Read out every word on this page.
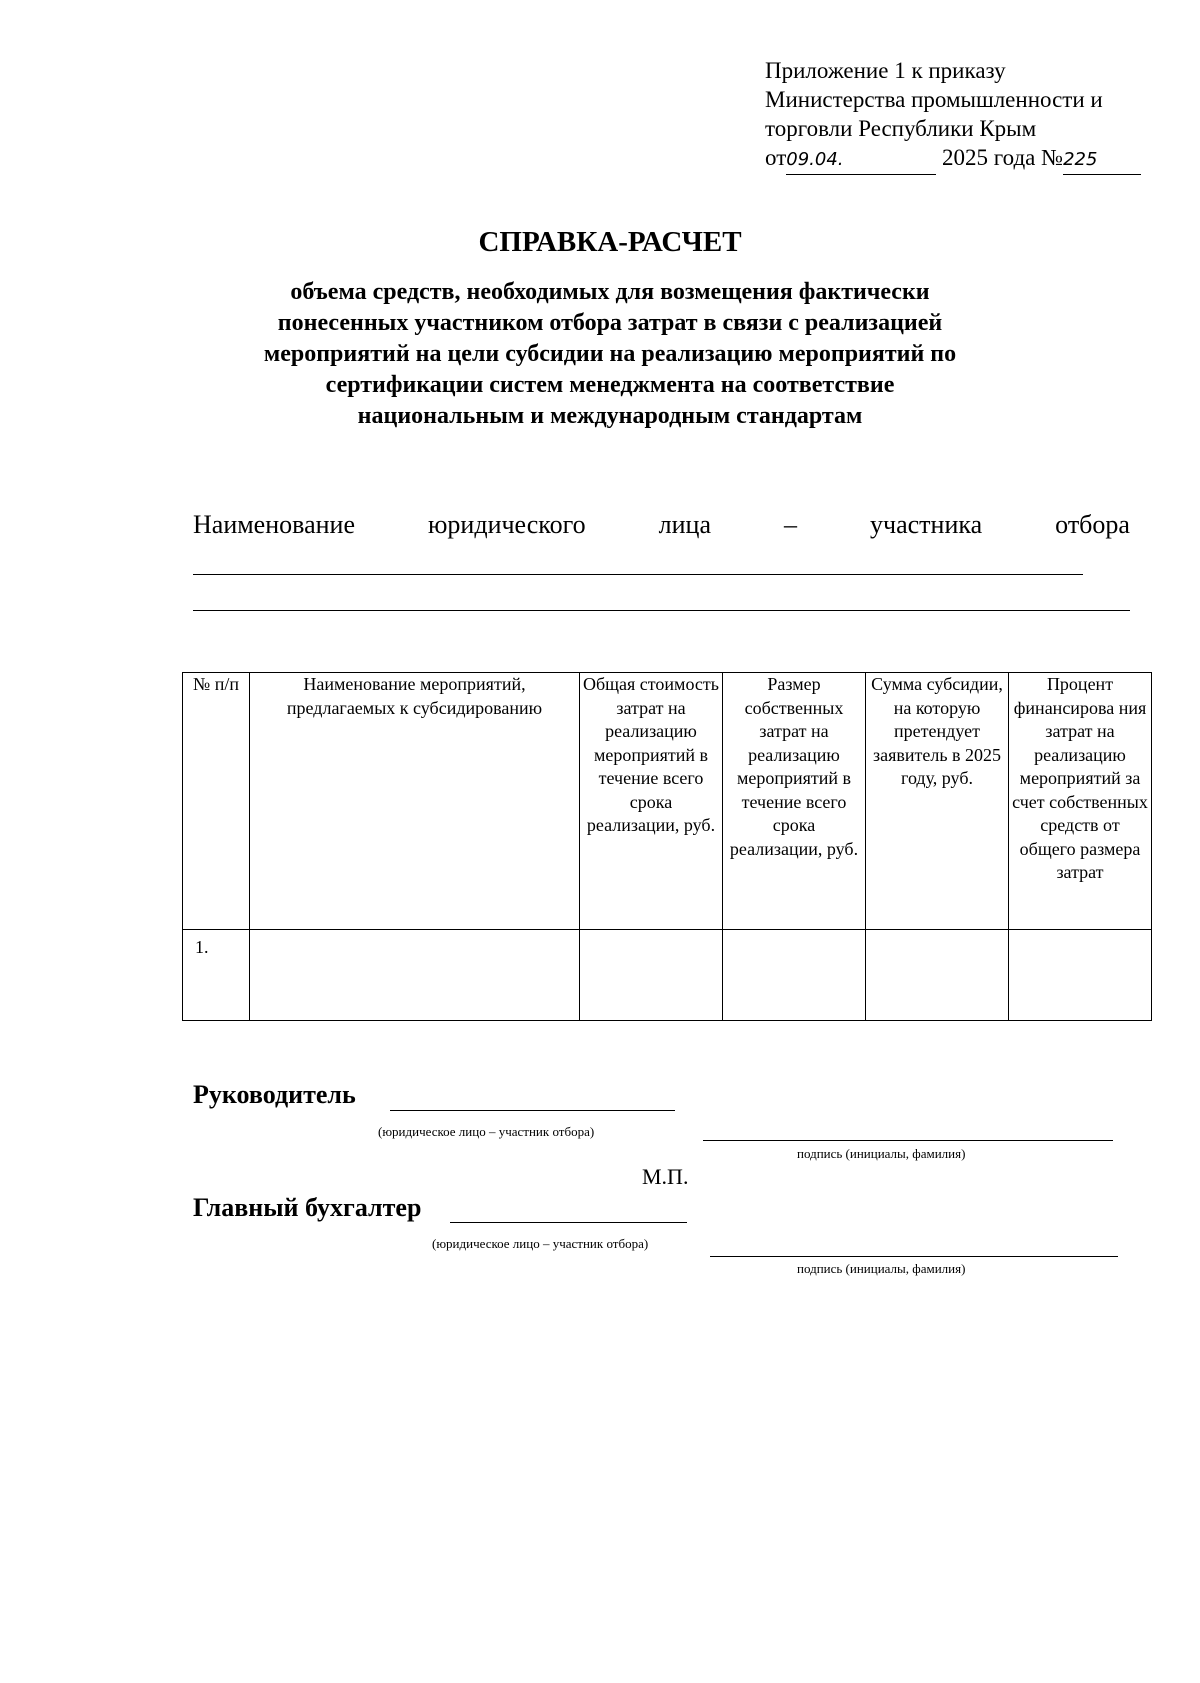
Приложение 1 к приказу
Министерства промышленности и
торговли Республики Крым
от09.04.	2025 года №225
СПРАВКА-РАСЧЕТ
объема средств, необходимых для возмещения фактически понесенных участником отбора затрат в связи с реализацией мероприятий на цели субсидии на реализацию мероприятий по сертификации систем менеджмента на соответствие национальным и международным стандартам
Наименование	юридического	лица	–	участника	отбора
№ п/п	Наименование мероприятий, предлагаемых к субсидированию	Общая стоимость затрат на реализацию мероприятий в течение всего срока реализации, руб.	Размер собственных затрат на реализацию мероприятий в течение всего срока реализации, руб.	Сумма субсидии, на которую претендует заявитель в 2025 году, руб.	Процент финансирова ния затрат на реализацию мероприятий за счет собственных средств от общего размера затрат
1.					
Руководитель
(юридическое лицо – участник отбора)
подпись (инициалы, фамилия)
М.П.
Главный бухгалтер
(юридическое лицо – участник отбора)
подпись (инициалы, фамилия)
